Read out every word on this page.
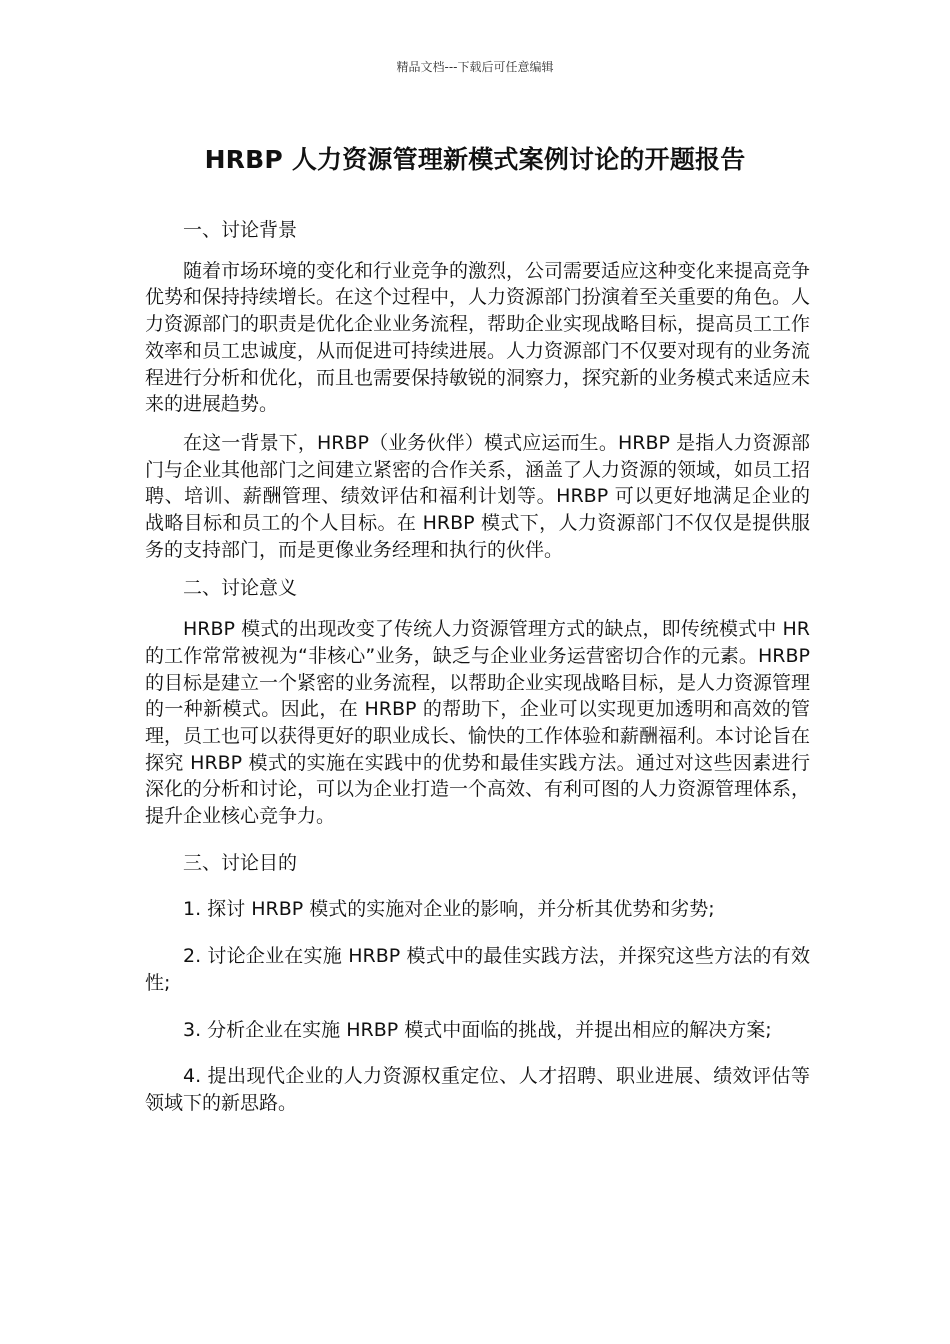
精品文档---下载后可任意编辑
HRBP 人力资源管理新模式案例讨论的开题报告

一、讨论背景

随着市场环境的变化和行业竞争的激烈，公司需要适应这种变化来提高竞争优势和保持持续增长。在这个过程中，人力资源部门扮演着至关重要的角色。人力资源部门的职责是优化企业业务流程，帮助企业实现战略目标，提高员工工作效率和员工忠诚度，从而促进可持续进展。人力资源部门不仅要对现有的业务流程进行分析和优化，而且也需要保持敏锐的洞察力，探究新的业务模式来适应未来的进展趋势。

在这一背景下，HRBP（业务伙伴）模式应运而生。HRBP 是指人力资源部门与企业其他部门之间建立紧密的合作关系，涵盖了人力资源的领域，如员工招聘、培训、薪酬管理、绩效评估和福利计划等。HRBP 可以更好地满足企业的战略目标和员工的个人目标。在 HRBP 模式下，人力资源部门不仅仅是提供服务的支持部门，而是更像业务经理和执行的伙伴。

二、讨论意义

HRBP 模式的出现改变了传统人力资源管理方式的缺点，即传统模式中 HR 的工作常常被视为“非核心”业务，缺乏与企业业务运营密切合作的元素。HRBP 的目标是建立一个紧密的业务流程，以帮助企业实现战略目标，是人力资源管理的一种新模式。因此，在 HRBP 的帮助下，企业可以实现更加透明和高效的管理，员工也可以获得更好的职业成长、愉快的工作体验和薪酬福利。本讨论旨在探究 HRBP 模式的实施在实践中的优势和最佳实践方法。通过对这些因素进行深化的分析和讨论，可以为企业打造一个高效、有利可图的人力资源管理体系，提升企业核心竞争力。

三、讨论目的

1. 探讨 HRBP 模式的实施对企业的影响，并分析其优势和劣势;

2. 讨论企业在实施 HRBP 模式中的最佳实践方法，并探究这些方法的有效性;

3. 分析企业在实施 HRBP 模式中面临的挑战，并提出相应的解决方案;

4. 提出现代企业的人力资源权重定位、人才招聘、职业进展、绩效评估等领域下的新思路。
